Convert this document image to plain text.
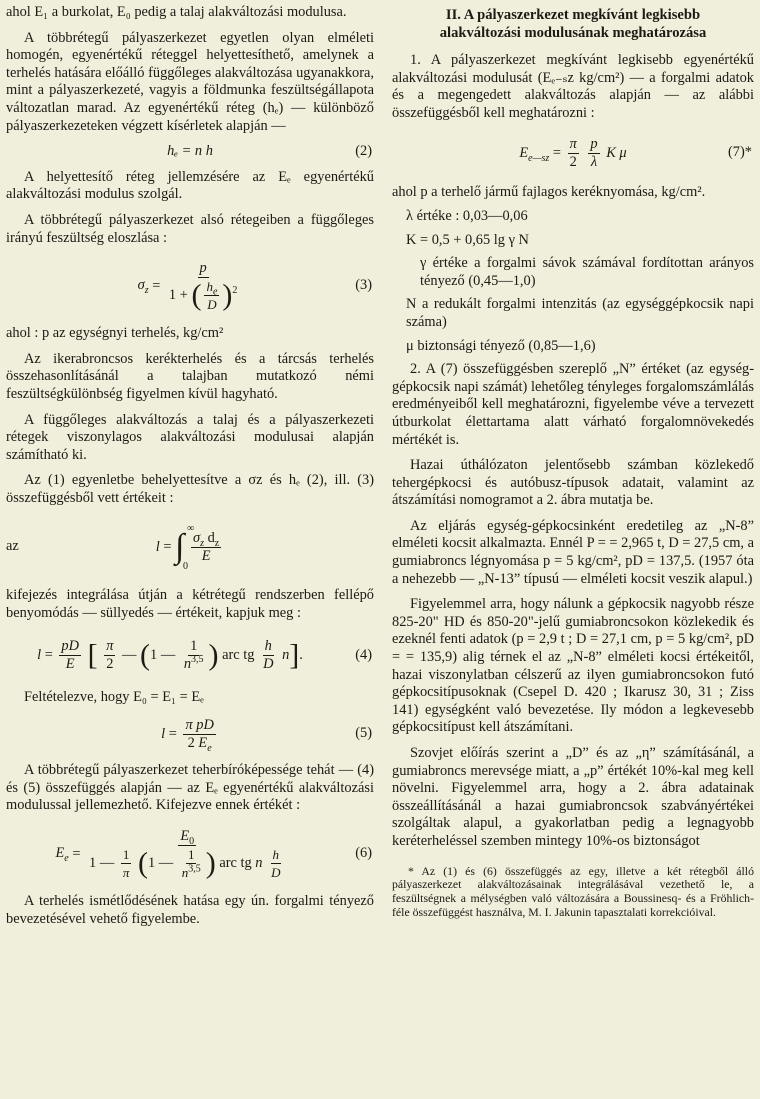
ahol E₁ a burkolat, E₀ pedig a talaj alakváltozási modulusa.

A többrétegű pályaszerkezet egyetlen olyan elméleti homogén, egyenértékű réteggel helyettesíthető, amelynek a terhelés hatására előálló függőleges alakváltozása ugyanakkora, mint a pályaszerkezeté, vagyis a földmunka feszültségállapota változatlan marad. Az egyenértékű réteg (hₑ) — különböző pályaszerkezeteken végzett kísérletek alapján —

hₑ = n h	(2)

A helyettesítő réteg jellemzésére az Eₑ egyenértékű alakváltozási modulus szolgál.

A többrétegű pályaszerkezet alsó rétegeiben a függőleges irányú feszültség eloszlása :

$\sigma_z = \frac{p}{1 + ( \frac{h_e}{D} )^2}$	(3)

ahol : p az egységnyi terhelés, kg/cm²

Az ikerabroncsos kerékterhelés és a tárcsás terhelés összehasonlításánál a talajban mutatkozó némi feszültségkülönbség figyelmen kívül hagyható.

A függőleges alakváltozás a talaj és a pályaszerkezeti rétegek viszonylagos alakváltozási modulusai alapján számítható ki.

Az (1) egyenletbe behelyettesítve a σz és hₑ (2), ill. (3) összefüggésből vett értékeit :

az	l = ∫ ∞
0

$\frac{\sigma_z d_z}{E}$

kifejezés integrálása útján a kétrétegű rendszerben fellépő benyomódás — süllyedés — értékeit, kapjuk meg :

$l = \frac{pD}{E}$ [ $\frac{\pi}{2}$ — (1 — $\frac{1}{n^{3,5}}$ ) arc tg $\frac{h}{D} n$].	(4)

Feltételezve, hogy E₀ = E₁ = Eₑ

$l = \frac{\text{π pD}}{2 E_e}$	(5)

A többrétegű pályaszerkezet teherbíróképessége tehát — (4) és (5) összefüggés alapján — az Eₑ egyenértékű alakváltozási modulussal jellemezhető. Kifejezve ennek értékét :

$E_e = \frac{E_0}{1 — \frac{1}{\pi} (1 — \frac{1}{n^{3,5}} ) arc tg n \frac{h}{D}}$	(6)

A terhelés ismétlődésének hatása egy ún. forgalmi tényező bevezetésével vehető figyelembe.

II. A pályaszerkezet megkívánt legkisebb
alakváltozási modulusának meghatározása

1. A pályaszerkezet megkívánt legkisebb egyenértékű alakváltozási modulusát (Eₑ₋ₛz kg/cm²) — a forgalmi adatok és a megengedett alakváltozás alapján — az alábbi összefüggésből kell meghatározni :

$E_{e—sz} = \frac{\pi}{2}$
$\frac{p}{\lambda}$ K μ	(7)*

ahol p a terhelő jármű fajlagos keréknyomása, kg/cm².

λ értéke : 0,03—0,06

K = 0,5 + 0,65 lg γ N

γ értéke a forgalmi sávok számával fordítottan arányos tényező (0,45—1,0)

N a redukált forgalmi intenzitás (az egységgépkocsik napi száma)

μ biztonsági tényező (0,85—1,6)

2. A (7) összefüggésben szereplő „N” értéket (az egység-gépkocsik napi számát) lehetőleg tényleges forgalomszámlálás eredményeiből kell meghatározni, figyelembe véve a tervezett útburkolat élettartama alatt várható forgalomnövekedés mértékét is.

Hazai úthálózaton jelentősebb számban közlekedő tehergépkocsi és autóbusz-típusok adatait, valamint az átszámítási nomogramot a 2. ábra mutatja be.

Az eljárás egység-gépkocsinként eredetileg az „N-8” elméleti kocsit alkalmazta. Ennél P = = 2,965 t, D = 27,5 cm, a gumiabroncs légnyomása p = 5 kg/cm², pD = 137,5. (1957 óta a nehezebb — „N-13” típusú — elméleti kocsit veszik alapul.)

Figyelemmel arra, hogy nálunk a gépkocsik nagyobb része 825-20" HD és 850-20"-jelű gumiabroncsokon közlekedik és ezeknél fenti adatok (p = 2,9 t ; D = 27,1 cm, p = 5 kg/cm², pD = = 135,9) alig térnek el az „N-8” elméleti kocsi értékeitől, hazai viszonylatban célszerű az ilyen gumiabroncsokon futó gépkocsitípusoknak (Csepel D. 420 ; Ikarusz 30, 31 ; Ziss 141) egységként való bevezetése. Ily módon a legkevesebb gépkocsitípust kell átszámítani.

Szovjet előírás szerint a „D” és az „η” számításánál, a gumiabroncs merevsége miatt, a „p” értékét 10%-kal meg kell növelni. Figyelemmel arra, hogy a 2. ábra adatainak összeállításánál a hazai gumiabroncsok szabványértékei szolgáltak alapul, a gyakorlatban pedig a legnagyobb keréterheléssel szemben mintegy 10%-os biztonságot

* Az (1) és (6) összefüggés az egy, illetve a két rétegből álló pályaszerkezet alakváltozásainak integrálásával vezethető le, a feszültségnek a mélységben való változására a Boussinesq- és a Fröhlich-féle összefüggést használva, M. I. Jakunin tapasztalati korrekcióival.
